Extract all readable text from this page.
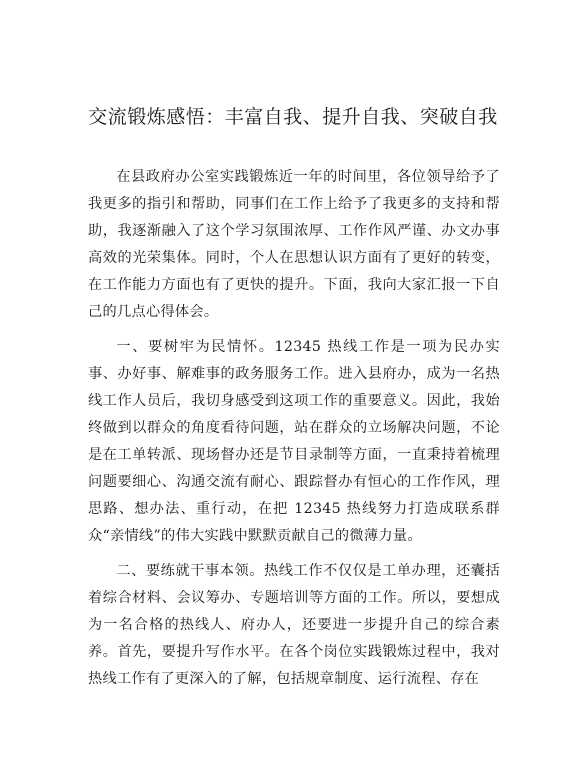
交流锻炼感悟：丰富自我、提升自我、突破自我

在县政府办公室实践锻炼近一年的时间里，各位领导给予了我更多的指引和帮助，同事们在工作上给予了我更多的支持和帮助，我逐渐融入了这个学习氛围浓厚、工作作风严谨、办文办事高效的光荣集体。同时，个人在思想认识方面有了更好的转变，在工作能力方面也有了更快的提升。下面，我向大家汇报一下自己的几点心得体会。

一、要树牢为民情怀。12345 热线工作是一项为民办实事、办好事、解难事的政务服务工作。进入县府办，成为一名热线工作人员后，我切身感受到这项工作的重要意义。因此，我始终做到以群众的角度看待问题，站在群众的立场解决问题，不论是在工单转派、现场督办还是节目录制等方面，一直秉持着梳理问题要细心、沟通交流有耐心、跟踪督办有恒心的工作作风，理思路、想办法、重行动，在把 12345 热线努力打造成联系群众“亲情线”的伟大实践中默默贡献自己的微薄力量。

二、要练就干事本领。热线工作不仅仅是工单办理，还囊括着综合材料、会议筹办、专题培训等方面的工作。所以，要想成为一名合格的热线人、府办人，还要进一步提升自己的综合素养。首先，要提升写作水平。在各个岗位实践锻炼过程中，我对热线工作有了更深入的了解，包括规章制度、运行流程、存在
